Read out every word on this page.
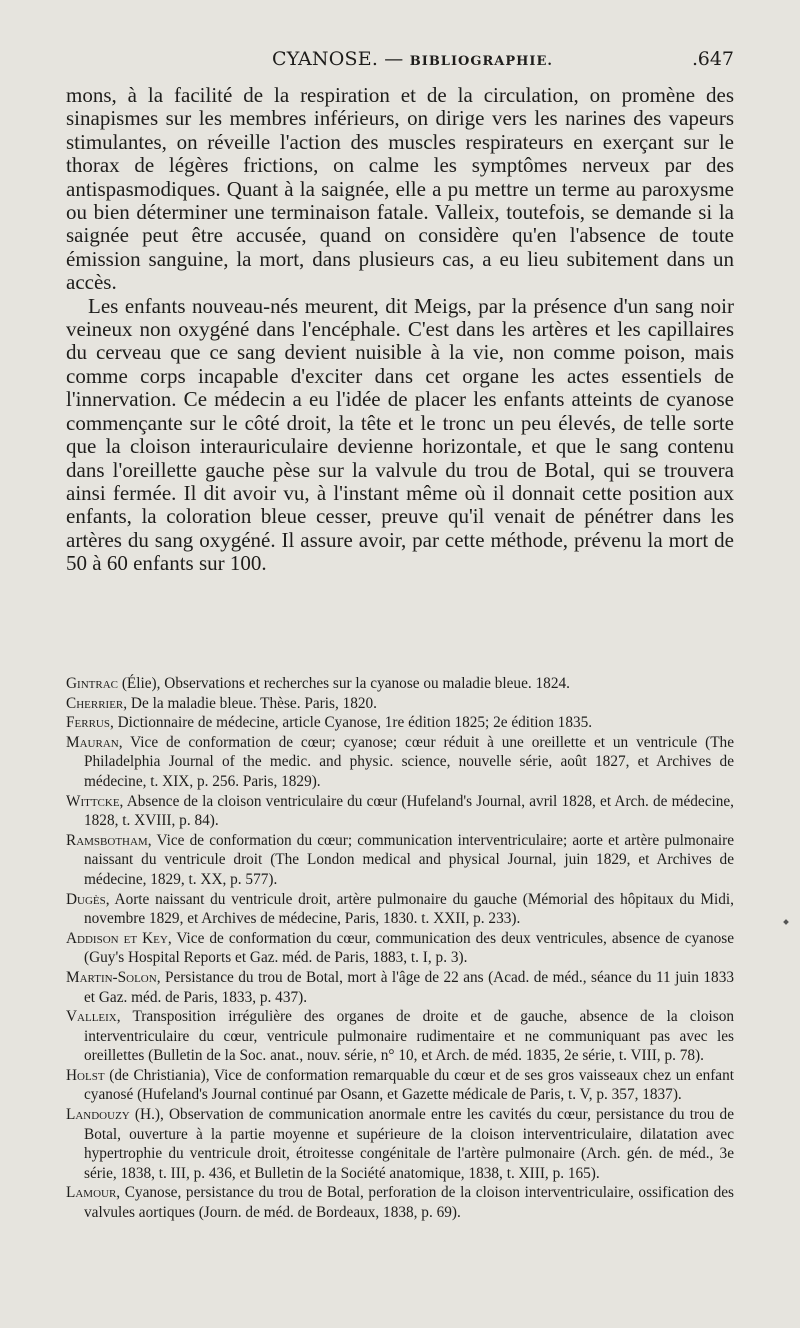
CYANOSE. — BIBLIOGRAPHIE.	. 647

mons, à la facilité de la respiration et de la circulation, on promène des sinapismes sur les membres inférieurs, on dirige vers les narines des vapeurs stimulantes, on réveille l'action des muscles respirateurs en exerçant sur le thorax de légères frictions, on calme les symptômes nerveux par des antispasmodiques. Quant à la saignée, elle a pu mettre un terme au paroxysme ou bien déterminer une terminaison fatale. Valleix, toutefois, se demande si la saignée peut être accusée, quand on considère qu'en l'absence de toute émission sanguine, la mort, dans plusieurs cas, a eu lieu subitement dans un accès.

Les enfants nouveau-nés meurent, dit Meigs, par la présence d'un sang noir veineux non oxygéné dans l'encéphale. C'est dans les artères et les capillaires du cerveau que ce sang devient nuisible à la vie, non comme poison, mais comme corps incapable d'exciter dans cet organe les actes essentiels de l'innervation. Ce médecin a eu l'idée de placer les enfants atteints de cyanose commençante sur le côté droit, la tête et le tronc un peu élevés, de telle sorte que la cloison interauriculaire devienne horizontale, et que le sang contenu dans l'oreillette gauche pèse sur la valvule du trou de Botal, qui se trouvera ainsi fermée. Il dit avoir vu, à l'instant même où il donnait cette position aux enfants, la coloration bleue cesser, preuve qu'il venait de pénétrer dans les artères du sang oxygéné. Il assure avoir, par cette méthode, prévenu la mort de 50 à 60 enfants sur 100.

Gintrac (Élie), Observations et recherches sur la cyanose ou maladie bleue. 1824.

Cherrier, De la maladie bleue. Thèse. Paris, 1820.

Ferrus, Dictionnaire de médecine, article Cyanose, 1re édition 1825; 2e édition 1835.

Mauran, Vice de conformation de cœur; cyanose; cœur réduit à une oreillette et un ventricule (The Philadelphia Journal of the medic. and physic. science, nouvelle série, août 1827, et Archives de médecine, t. XIX, p. 256. Paris, 1829).

Wittcke, Absence de la cloison ventriculaire du cœur (Hufeland's Journal, avril 1828, et Arch. de médecine, 1828, t. XVIII, p. 84).

Ramsbotham, Vice de conformation du cœur; communication interventriculaire; aorte et artère pulmonaire naissant du ventricule droit (The London medical and physical Journal, juin 1829, et Archives de médecine, 1829, t. XX, p. 577).

Dugès, Aorte naissant du ventricule droit, artère pulmonaire du gauche (Mémorial des hôpitaux du Midi, novembre 1829, et Archives de médecine, Paris, 1830. t. XXII, p. 233).

Addison et Key, Vice de conformation du cœur, communication des deux ventricules, absence de cyanose (Guy's Hospital Reports et Gaz. méd. de Paris, 1883, t. I, p. 3).

Martin-Solon, Persistance du trou de Botal, mort à l'âge de 22 ans (Acad. de méd., séance du 11 juin 1833 et Gaz. méd. de Paris, 1833, p. 437).

Valleix, Transposition irrégulière des organes de droite et de gauche, absence de la cloison interventriculaire du cœur, ventricule pulmonaire rudimentaire et ne communiquant pas avec les oreillettes (Bulletin de la Soc. anat., nouv. série, n° 10, et Arch. de méd. 1835, 2e série, t. VIII, p. 78).

Holst (de Christiania), Vice de conformation remarquable du cœur et de ses gros vaisseaux chez un enfant cyanosé (Hufeland's Journal continué par Osann, et Gazette médicale de Paris, t. V, p. 357, 1837).

Landouzy (H.), Observation de communication anormale entre les cavités du cœur, persistance du trou de Botal, ouverture à la partie moyenne et supérieure de la cloison interventriculaire, dilatation avec hypertrophie du ventricule droit, étroitesse congénitale de l'artère pulmonaire (Arch. gén. de méd., 3e série, 1838, t. III, p. 436, et Bulletin de la Société anatomique, 1838, t. XIII, p. 165).

Lamour, Cyanose, persistance du trou de Botal, perforation de la cloison interventriculaire, ossification des valvules aortiques (Journ. de méd. de Bordeaux, 1838, p. 69).
